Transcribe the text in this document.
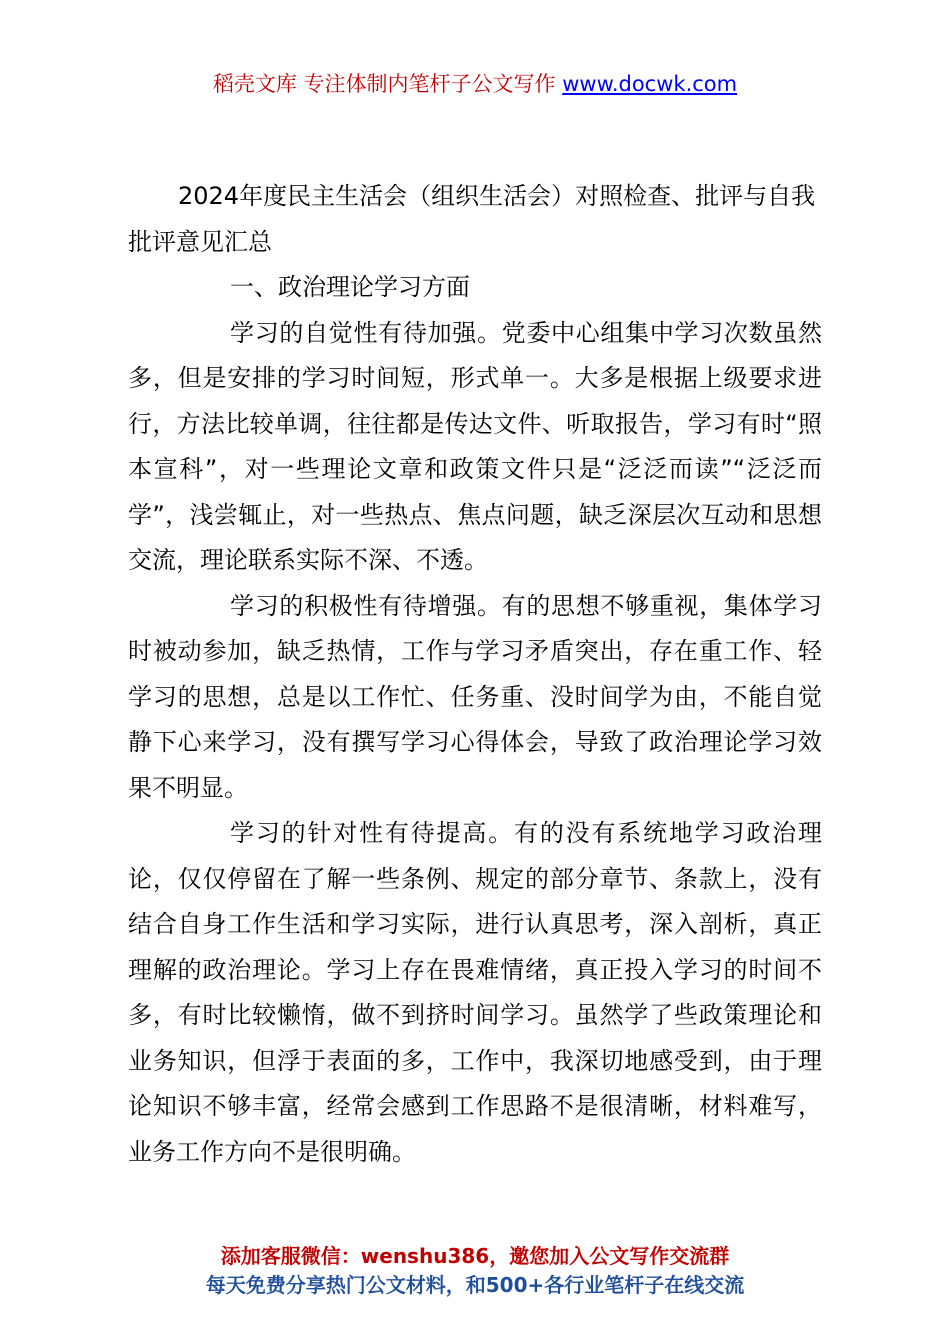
稻壳文库 专注体制内笔杆子公文写作 www.docwk.com
2024年度民主生活会（组织生活会）对照检查、批评与自我批评意见汇总

一、政治理论学习方面

学习的自觉性有待加强。党委中心组集中学习次数虽然多，但是安排的学习时间短，形式单一。大多是根据上级要求进行，方法比较单调，往往都是传达文件、听取报告，学习有时“照本宣科”，对一些理论文章和政策文件只是“泛泛而读”“泛泛而学”，浅尝辄止，对一些热点、焦点问题，缺乏深层次互动和思想交流，理论联系实际不深、不透。

学习的积极性有待增强。有的思想不够重视，集体学习时被动参加，缺乏热情，工作与学习矛盾突出，存在重工作、轻学习的思想，总是以工作忙、任务重、没时间学为由，不能自觉静下心来学习，没有撰写学习心得体会，导致了政治理论学习效果不明显。

学习的针对性有待提高。有的没有系统地学习政治理论，仅仅停留在了解一些条例、规定的部分章节、条款上，没有结合自身工作生活和学习实际，进行认真思考，深入剖析，真正理解的政治理论。学习上存在畏难情绪，真正投入学习的时间不多，有时比较懒惰，做不到挤时间学习。虽然学了些政策理论和业务知识，但浮于表面的多，工作中，我深切地感受到，由于理论知识不够丰富，经常会感到工作思路不是很清晰，材料难写，业务工作方向不是很明确。

添加客服微信：wenshu386，邀您加入公文写作交流群
每天免费分享热门公文材料，和500+各行业笔杆子在线交流
